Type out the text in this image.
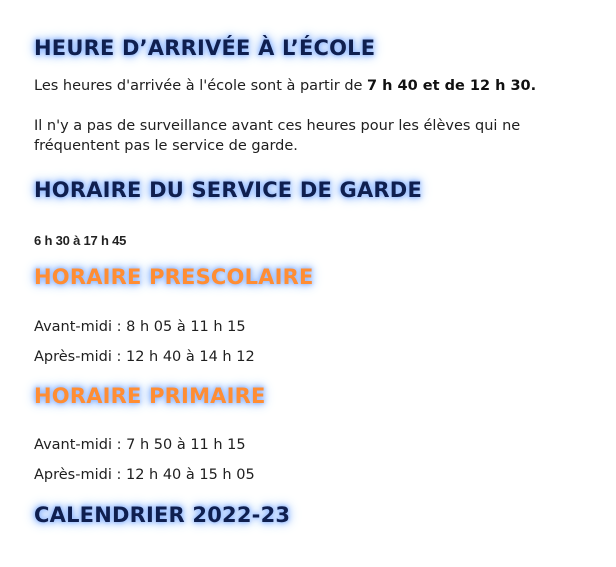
HEURE D’ARRIVÉE À L’ÉCOLE

Les heures d'arrivée à l'école sont à partir de 7 h 40 et de 12 h 30.

Il n'y a pas de surveillance avant ces heures pour les élèves qui ne

fréquentent pas le service de garde.

HORAIRE DU SERVICE DE GARDE

6 h 30 à 17 h 45

HORAIRE PRESCOLAIRE

Avant-midi : 8 h 05 à 11 h 15

Après-midi : 12 h 40 à 14 h 12

HORAIRE PRIMAIRE

Avant-midi : 7 h 50 à 11 h 15

Après-midi : 12 h 40 à 15 h 05

CALENDRIER 2022-23
